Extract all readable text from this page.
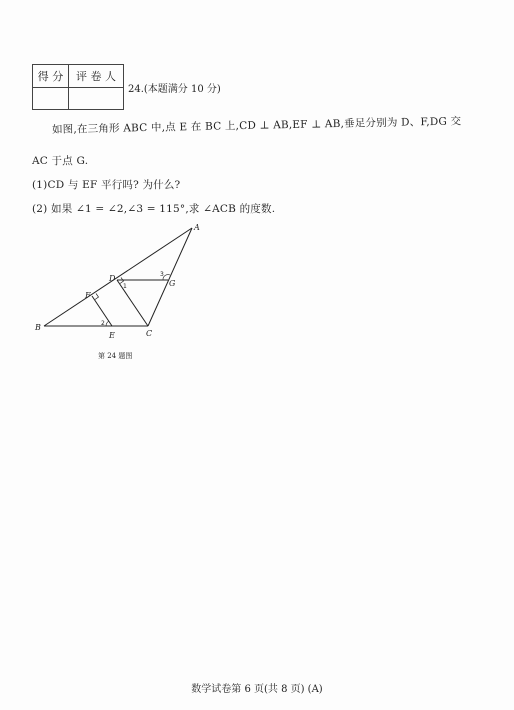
得 分	评 卷 人
24.(本题满分 10 分)
如图,在三角形 ABC 中,点 E 在 BC 上,CD ⊥ AB,EF ⊥ AB,垂足分别为 D、F,DG 交
AC 于点 G.
(1)CD 与 EF 平行吗? 为什么?
(2) 如果 ∠1 = ∠2,∠3 = 115°,求 ∠ACB 的度数.
A
B
C
D
E
F
G
1
2
3
第 24 题图
数学试卷第 6 页(共 8 页) (A)
